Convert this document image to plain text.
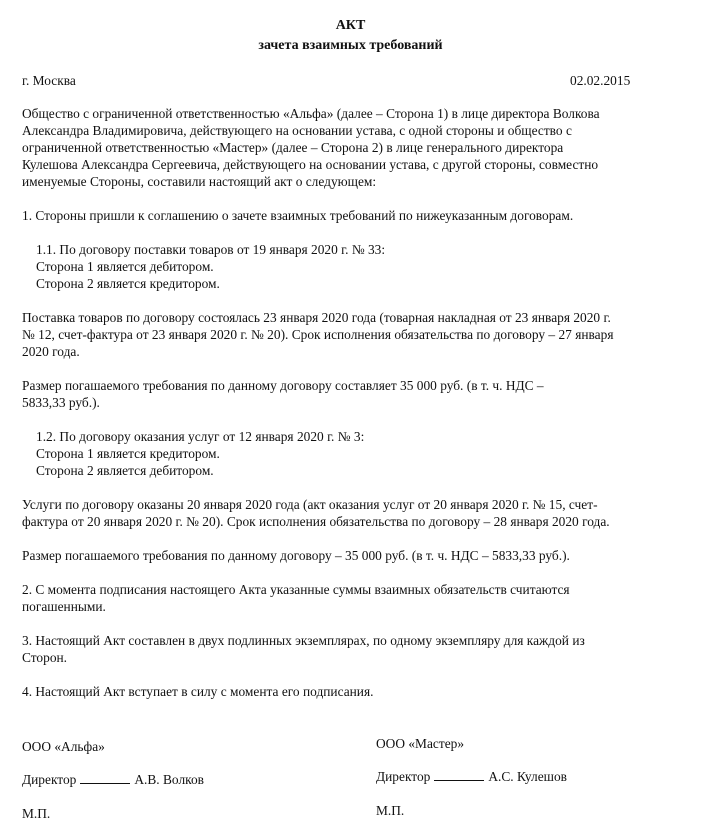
АКТ
зачета взаимных требований
г. Москва	02.02.2015
Общество с ограниченной ответственностью «Альфа» (далее – Сторона 1) в лице директора Волкова
Александра Владимировича, действующего на основании устава, с одной стороны и общество с
ограниченной ответственностью «Мастер» (далее – Сторона 2) в лице генерального директора
Кулешова Александра Сергеевича, действующего на основании устава, с другой стороны, совместно
именуемые Стороны, составили настоящий акт о следующем:
1. Стороны пришли к соглашению о зачете взаимных требований по нижеуказанным договорам.
1.1. По договору поставки товаров от 19 января 2020 г. № 33:
Сторона 1 является дебитором.
Сторона 2 является кредитором.
Поставка товаров по договору состоялась 23 января 2020 года (товарная накладная от 23 января 2020 г.
№ 12, счет-фактура от 23 января 2020 г. № 20). Срок исполнения обязательства по договору – 27 января
2020 года.
Размер погашаемого требования по данному договору составляет 35 000 руб. (в т. ч. НДС –
5833,33 руб.).
1.2. По договору оказания услуг от 12 января 2020 г. № 3:
Сторона 1 является кредитором.
Сторона 2 является дебитором.
Услуги по договору оказаны 20 января 2020 года (акт оказания услуг от 20 января 2020 г. № 15, счет-
фактура от 20 января 2020 г. № 20). Срок исполнения обязательства по договору – 28 января 2020 года.
Размер погашаемого требования по данному договору – 35 000 руб. (в т. ч. НДС – 5833,33 руб.).
2. С момента подписания настоящего Акта указанные суммы взаимных обязательств считаются
погашенными.
3. Настоящий Акт составлен в двух подлинных экземплярах, по одному экземпляру для каждой из
Сторон.
4. Настоящий Акт вступает в силу с момента его подписания.
ООО «Альфа»
Директор	А.В. Волков
М.П.
ООО «Мастер»
Директор	А.С. Кулешов
М.П.
